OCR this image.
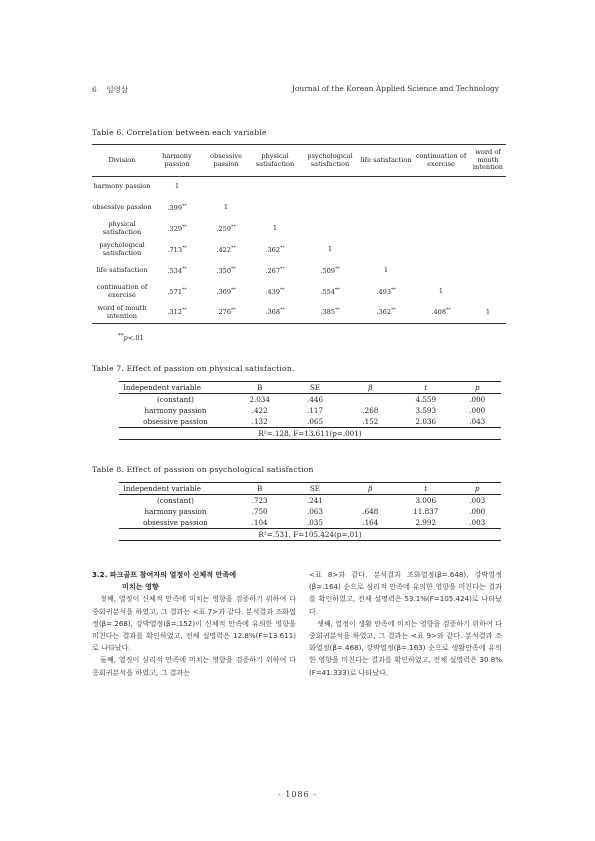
6 임영삼	Journal of the Korean Applied Science and Technology
Table 6. Correlation between each variable
Division	harmony passion	obsessive passion	physical satisfaction	psychological satisfaction	life satisfaction	continuation of exercise	word of mouth intention
harmony passion	1						
obsessive passion	.399**	1					
physical satisfaction	.329**	.259**	1				
psychological satisfaction	.713**	.422**	.362**	1			
life satisfaction	.534**	.350**	.267**	.509**	1		
continuation of exercise	.571**	.369**	.439**	.554**	.493**	1	
word of mouth intention	.312**	.276**	.368**	.385**	.362**	.408**	1
**p<.01
Table 7. Effect of passion on physical satisfaction.
Independent variable	B	SE	β	t	p
(constant)	2.034	.446		4.559	.000
harmony passion	.422	.117	.268	3.593	.000
obsessive passion	.132	.065	.152	2.036	.043
R²=.128, F=13.611(p=.001)					
Table 8. Effect of passion on psychological satisfaction
Independent variable	B	SE	β	t	p
(constant)	.723	.241		3.006	.003
harmony passion	.750	.063	.648	11.837	.000
obsessive passion	.104	.035	.164	2.992	.003
R²=.531, F=105.424(p=.01)					
3.2. 파크골프 참여자의 열정이 신체적 만족에
미치는 영향

첫째, 열정이 신체적 만족에 미치는 영향을 검증하기 위하여 다중회귀분석을 하였고, 그 결과는 <표 7>과 같다. 분석결과 조화열정(β=.268), 강박열정(β=.152)이 신체적 만족에 유의한 영향을 미친다는 결과를 확인하였고, 전체 설명력은 12.8%(F=13.611)로 나타났다.

둘째, 열정이 심리적 만족에 미치는 영향을 검증하기 위하여 다중회귀분석을 하였고, 그 결과는

<표 8>과 같다. 분석결과 조화열정(β=.648), 강박열정(β=.164) 순으로 심리적 만족에 유의한 영향을 미친다는 결과를 확인하였고, 전체 설명력은 53.1%(F=105.424)로 나타났다.

셋째, 열정이 생활 만족에 미치는 영향을 검증하기 위하여 다중회귀분석을 하였고, 그 결과는 <표 9>와 같다. 분석결과 조화열정(β=.468), 강박열정(β=.163) 순으로 생활만족에 유의한 영향을 미친다는 결과를 확인하였고, 전체 설명력은 30.8%(F=41.333)로 나타났다.

- 1086 -
